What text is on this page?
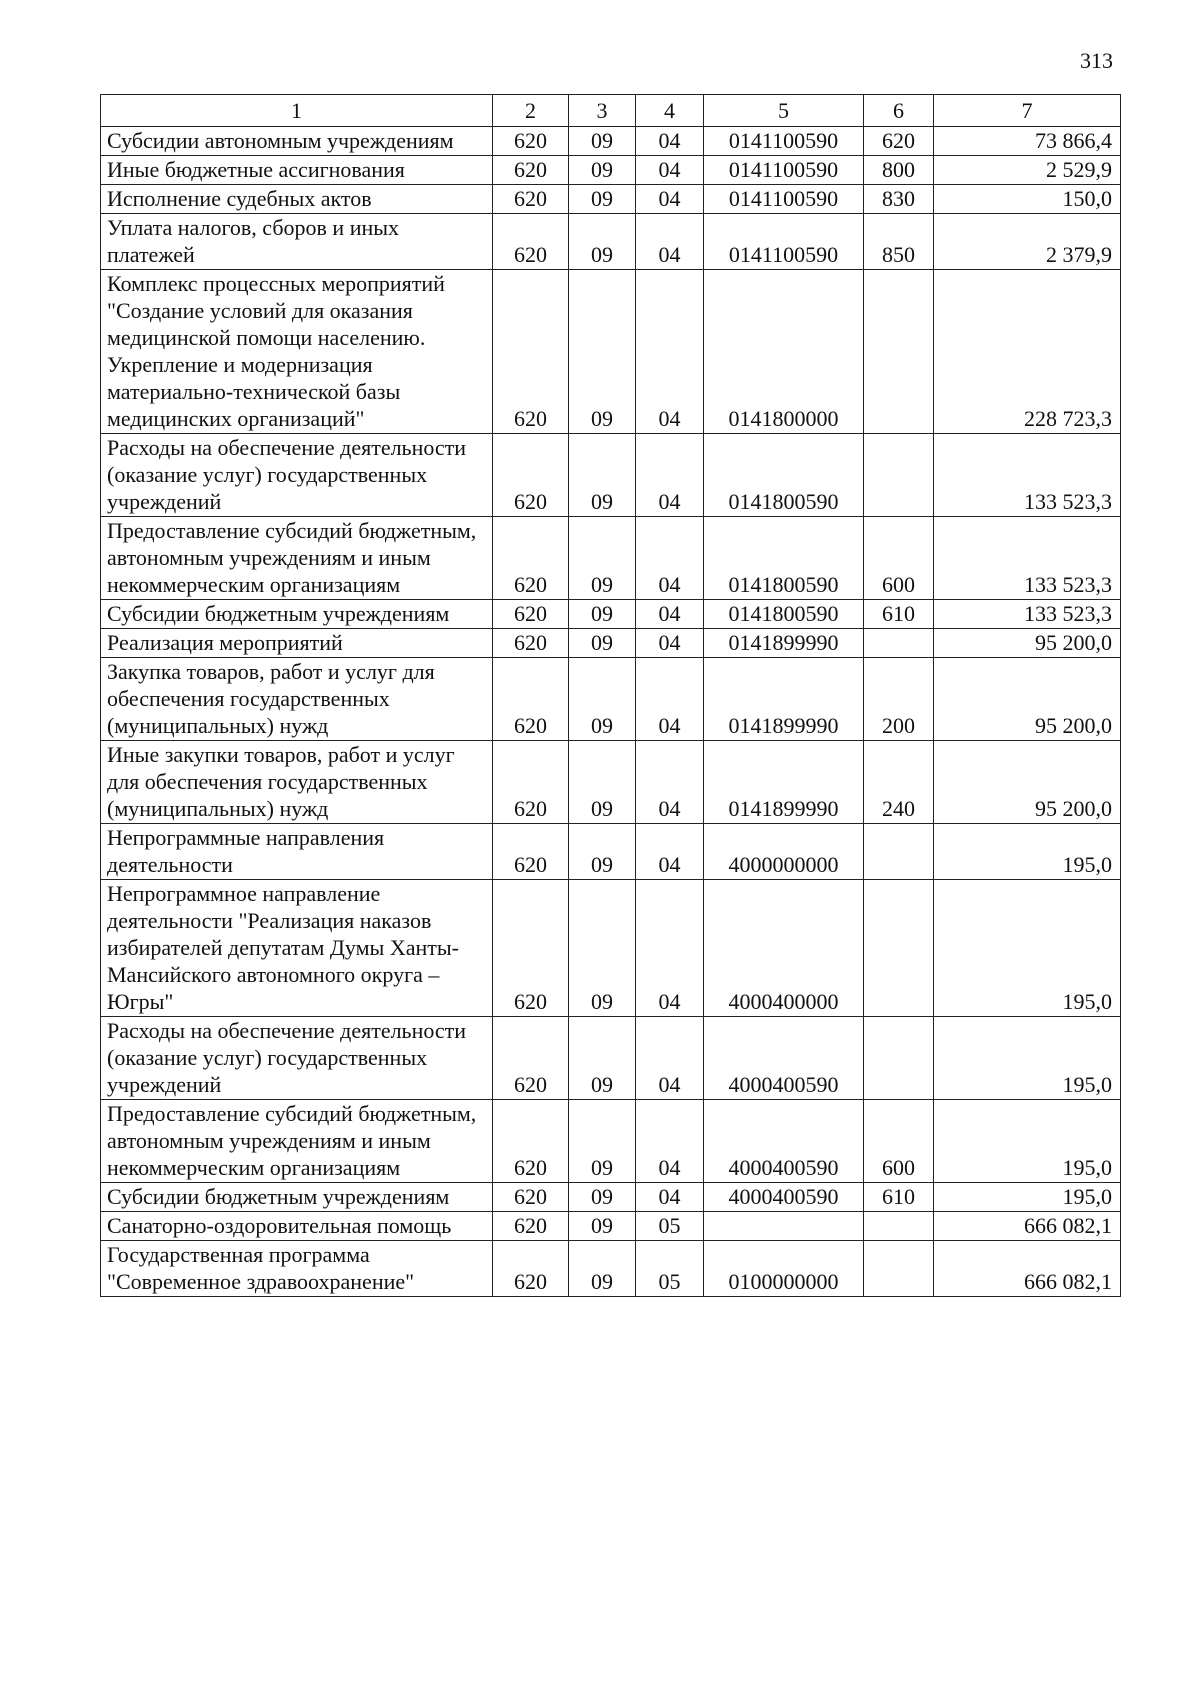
313
1	2	3	4	5	6	7
Субсидии автономным учреждениям	620	09	04	0141100590	620	73 866,4
Иные бюджетные ассигнования	620	09	04	0141100590	800	2 529,9
Исполнение судебных актов	620	09	04	0141100590	830	150,0
Уплата налогов, сборов и иных платежей	620	09	04	0141100590	850	2 379,9
Комплекс процессных мероприятий "Создание условий для оказания медицинской помощи населению. Укрепление и модернизация материально-технической базы медицинских организаций"	620	09	04	0141800000		228 723,3
Расходы на обеспечение деятельности (оказание услуг) государственных учреждений	620	09	04	0141800590		133 523,3
Предоставление субсидий бюджетным, автономным учреждениям и иным некоммерческим организациям	620	09	04	0141800590	600	133 523,3
Субсидии бюджетным учреждениям	620	09	04	0141800590	610	133 523,3
Реализация мероприятий	620	09	04	0141899990		95 200,0
Закупка товаров, работ и услуг для обеспечения государственных (муниципальных) нужд	620	09	04	0141899990	200	95 200,0
Иные закупки товаров, работ и услуг для обеспечения государственных (муниципальных) нужд	620	09	04	0141899990	240	95 200,0
Непрограммные направления деятельности	620	09	04	4000000000		195,0
Непрограммное направление деятельности "Реализация наказов избирателей депутатам Думы Ханты-Мансийского автономного округа – Югры"	620	09	04	4000400000		195,0
Расходы на обеспечение деятельности (оказание услуг) государственных учреждений	620	09	04	4000400590		195,0
Предоставление субсидий бюджетным, автономным учреждениям и иным некоммерческим организациям	620	09	04	4000400590	600	195,0
Субсидии бюджетным учреждениям	620	09	04	4000400590	610	195,0
Санаторно-оздоровительная помощь	620	09	05			666 082,1
Государственная программа "Современное здравоохранение"	620	09	05	0100000000		666 082,1
